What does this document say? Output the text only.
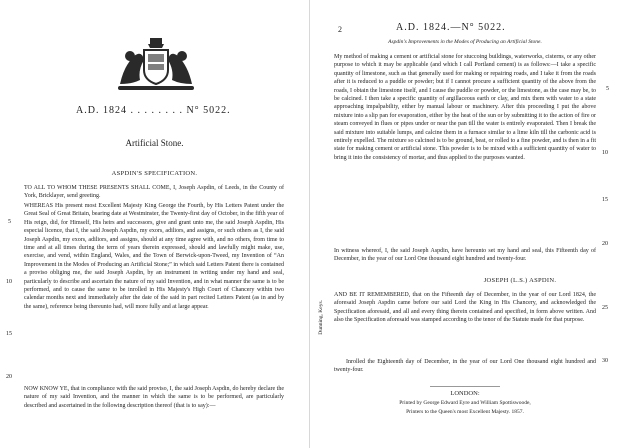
A.D. 1824 . . . . . . . . N° 5022.
Artificial Stone.
ASPDIN'S SPECIFICATION.
TO ALL TO WHOM THESE PRESENTS SHALL COME, I, Joseph Aspdin, of Leeds, in the County of York, Bricklayer, send greeting.
WHEREAS His present most Excellent Majesty King George the Fourth, by His Letters Patent under the Great Seal of Great Britain, bearing date at Westminster, the Twenty-first day of October, in the fifth year of His reign, did, for Himself, His heirs and successors, give and grant unto me, the said Joseph Aspdin, His especial licence, that I, the said Joseph Aspdin, my exors, adiliors, and assigns, or such others as I, the said Joseph Aspdin, my exors, adiliors, and assigns, should at any time agree with, and no others, from time to time and at all times during the term of years therein expressed, should and lawfully might make, use, exercise, and vend, within England, Wales, and the Town of Berwick-upon-Tweed, my Invention of “An Improvement in the Modes of Producing an Artificial Stone;” in which said Letters Patent there is contained a proviso obliging me, the said Joseph Aspdin, by an instrument in writing under my hand and seal, particularly to describe and ascertain the nature of my said Invention, and in what manner the same is to be performed, and to cause the same to be inrolled in His Majesty's High Court of Chancery within two calendar months next and immediately after the date of the said in part recited Letters Patent (as in and by the same), reference being thereunto had, will more fully and at large appear.
NOW KNOW YE, that in compliance with the said proviso, I, the said Joseph Aspdin, do hereby declare the nature of my said Invention, and the manner in which the same is to be performed, are particularly described and ascertained in the following description thereof (that is to say):—
5
10
15
20
2	A.D. 1824.—N° 5022.
Aspdin's Improvements in the Modes of Producing an Artificial Stone.
My method of making a cement or artificial stone for stuccoing buildings, waterworks, cisterns, or any other purpose to which it may be applicable (and which I call Portland cement) is as follows:—I take a specific quantity of limestone, such as that generally used for making or repairing roads, and I take it from the roads after it is reduced to a puddle or powder; but if I cannot procure a sufficient quantity of the above from the roads, I obtain the limestone itself, and I cause the puddle or powder, or the limestone, as the case may be, to be calcined. I then take a specific quantity of argillaceous earth or clay, and mix them with water to a state approaching impalpability, either by manual labour or machinery. After this proceeding I put the above mixture into a slip pan for evaporation, either by the heat of the sun or by submitting it to the action of fire or steam conveyed in flues or pipes under or near the pan till the water is entirely evaporated. Then I break the said mixture into suitable lumps, and calcine them in a furnace similar to a lime kiln till the carbonic acid is entirely expelled. The mixture so calcined is to be ground, beat, or rolled to a fine powder, and is then in a fit state for making cement or artificial stone. This powder is to be mixed with a sufficient quantity of water to bring it into the consistency of mortar, and thus applied to the purposes wanted.
In witness whereof, I, the said Joseph Aspdin, have hereunto set my hand and seal, this Fifteenth day of December, in the year of our Lord One thousand eight hundred and twenty-four.
JOSEPH (L.S.) ASPDIN.
Dunning, Keys.
AND BE IT REMEMBERED, that on the Fifteenth day of December, in the year of our Lord 1824, the aforesaid Joseph Aspdin came before our said Lord the King in His Chancery, and acknowledged the Specification aforesaid, and all and every thing therein contained and specified, in form above written. And also the Specification aforesaid was stamped according to the tenor of the Statute made for that purpose.
Inrolled the Eighteenth day of December, in the year of our Lord One thousand eight hundred and twenty-four.
LONDON:
Printed by George Edward Eyre and William Spottiswoode,
Printers to the Queen's most Excellent Majesty. 1857.
5
10
15
20
25
30
